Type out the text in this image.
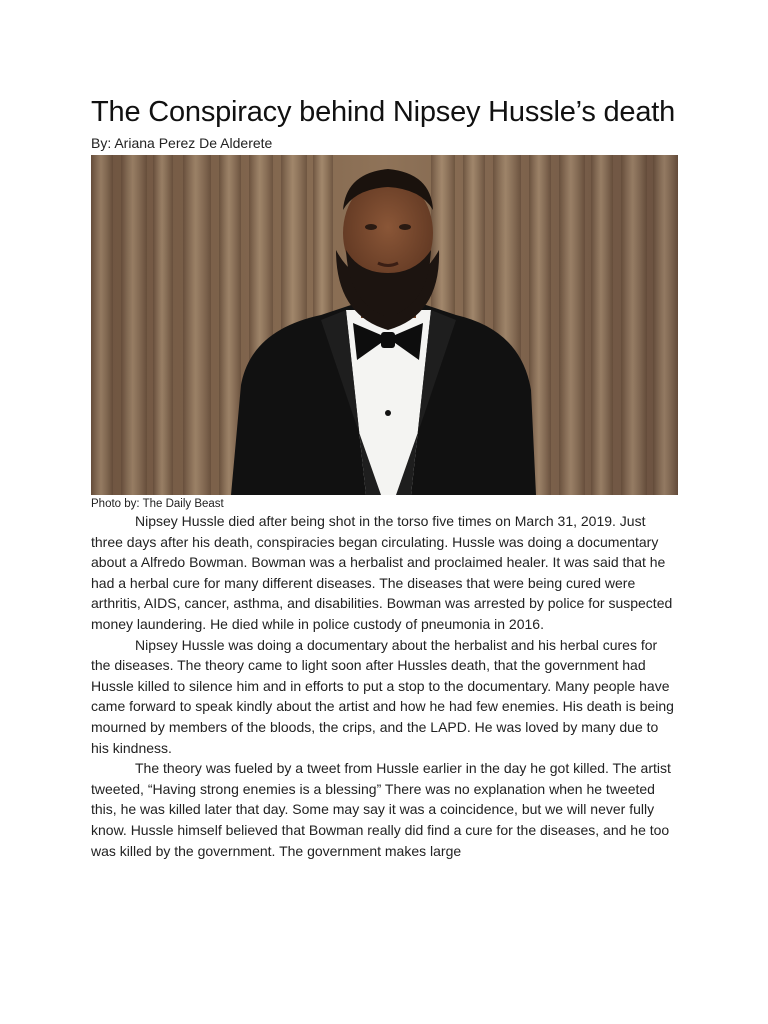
The Conspiracy behind Nipsey Hussle’s death

By: Ariana Perez De Alderete

Photo by: The Daily Beast

Nipsey Hussle died after being shot in the torso five times on March 31, 2019. Just three days after his death, conspiracies began circulating. Hussle was doing a documentary about a Alfredo Bowman. Bowman was a herbalist and proclaimed healer. It was said that he had a herbal cure for many different diseases. The diseases that were being cured were arthritis, AIDS, cancer, asthma, and disabilities. Bowman was arrested by police for suspected money laundering. He died while in police custody of pneumonia in 2016.

Nipsey Hussle was doing a documentary about the herbalist and his herbal cures for the diseases. The theory came to light soon after Hussles death, that the government had Hussle killed to silence him and in efforts to put a stop to the documentary. Many people have came forward to speak kindly about the artist and how he had few enemies. His death is being mourned by members of the bloods, the crips, and the LAPD. He was loved by many due to his kindness.

The theory was fueled by a tweet from Hussle earlier in the day he got killed. The artist tweeted, “Having strong enemies is a blessing” There was no explanation when he tweeted this, he was killed later that day. Some may say it was a coincidence, but we will never fully know. Hussle himself believed that Bowman really did find a cure for the diseases, and he too was killed by the government. The government makes large
